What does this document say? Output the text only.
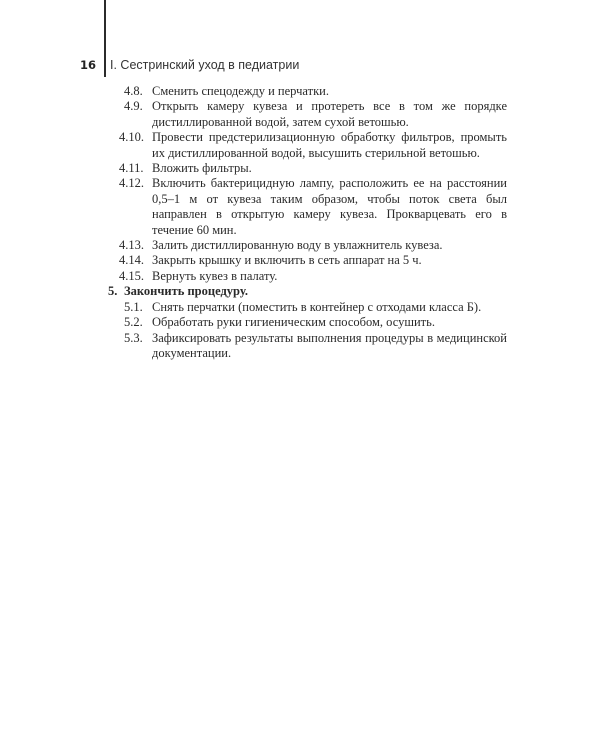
16 I. Сестринский уход в педиатрии
4.8. Сменить спецодежду и перчатки.
4.9. Открыть камеру кувеза и протереть все в том же порядке дистиллированной водой, затем сухой ветошью.
4.10. Провести предстерилизационную обработку фильтров, промыть их дистиллированной водой, высушить стерильной ветошью.
4.11. Вложить фильтры.
4.12. Включить бактерицидную лампу, расположить ее на расстоянии 0,5–1 м от кувеза таким образом, чтобы поток света был направлен в открытую камеру кувеза. Прокварцевать его в течение 60 мин.
4.13. Залить дистиллированную воду в увлажнитель кувеза.
4.14. Закрыть крышку и включить в сеть аппарат на 5 ч.
4.15. Вернуть кувез в палату.
5. Закончить процедуру.
5.1. Снять перчатки (поместить в контейнер с отходами класса Б).
5.2. Обработать руки гигиеническим способом, осушить.
5.3. Зафиксировать результаты выполнения процедуры в медицинской документации.
